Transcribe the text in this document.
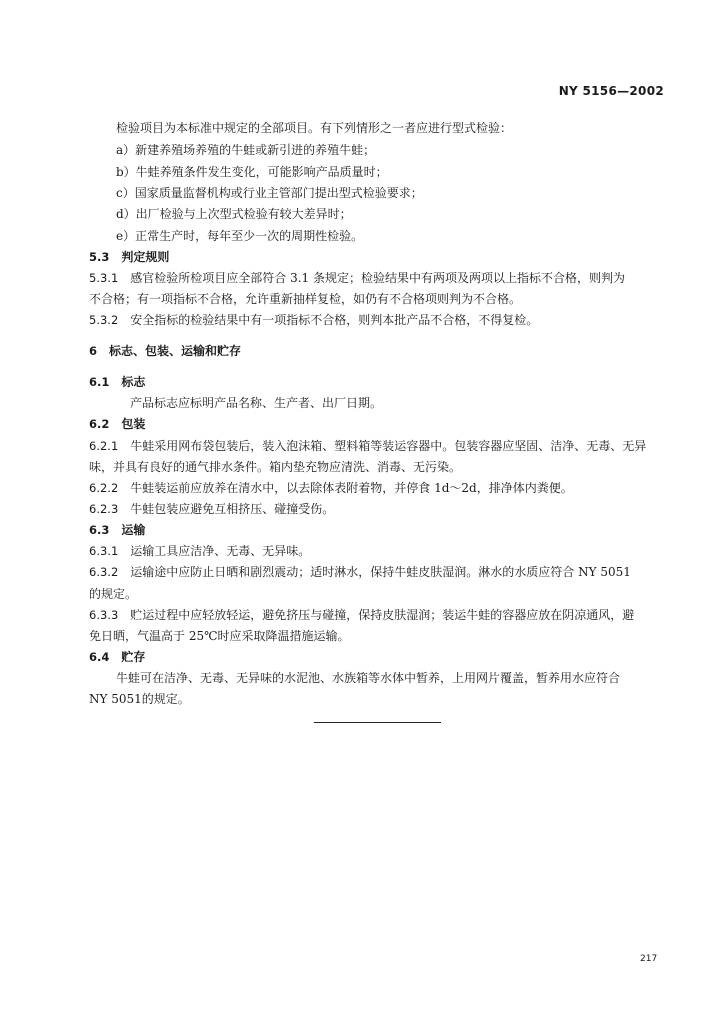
NY 5156—2002
检验项目为本标准中规定的全部项目。有下列情形之一者应进行型式检验：
a）新建养殖场养殖的牛蛙或新引进的养殖牛蛙；
b）牛蛙养殖条件发生变化，可能影响产品质量时；
c）国家质量监督机构或行业主管部门提出型式检验要求；
d）出厂检验与上次型式检验有较大差异时；
e）正常生产时，每年至少一次的周期性检验。
5.3 判定规则
5.3.1 感官检验所检项目应全部符合 3.1 条规定；检验结果中有两项及两项以上指标不合格，则判为
不合格；有一项指标不合格，允许重新抽样复检，如仍有不合格项则判为不合格。
5.3.2 安全指标的检验结果中有一项指标不合格，则判本批产品不合格，不得复检。
6 标志、包装、运输和贮存
6.1 标志
产品标志应标明产品名称、生产者、出厂日期。
6.2 包装
6.2.1 牛蛙采用网布袋包装后，装入泡沫箱、塑料箱等装运容器中。包装容器应坚固、洁净、无毒、无异
味，并具有良好的通气排水条件。箱内垫充物应清洗、消毒、无污染。
6.2.2 牛蛙装运前应放养在清水中，以去除体表附着物，并停食 1d～2d，排净体内粪便。
6.2.3 牛蛙包装应避免互相挤压、碰撞受伤。
6.3 运输
6.3.1 运输工具应洁净、无毒、无异味。
6.3.2 运输途中应防止日晒和剧烈震动；适时淋水，保持牛蛙皮肤湿润。淋水的水质应符合 NY 5051
的规定。
6.3.3 贮运过程中应轻放轻运，避免挤压与碰撞，保持皮肤湿润；装运牛蛙的容器应放在阴凉通风，避
免日晒，气温高于 25℃时应采取降温措施运输。
6.4 贮存
牛蛙可在洁净、无毒、无异味的水泥池、水族箱等水体中暂养，上用网片覆盖，暂养用水应符合
NY 5051的规定。
217
